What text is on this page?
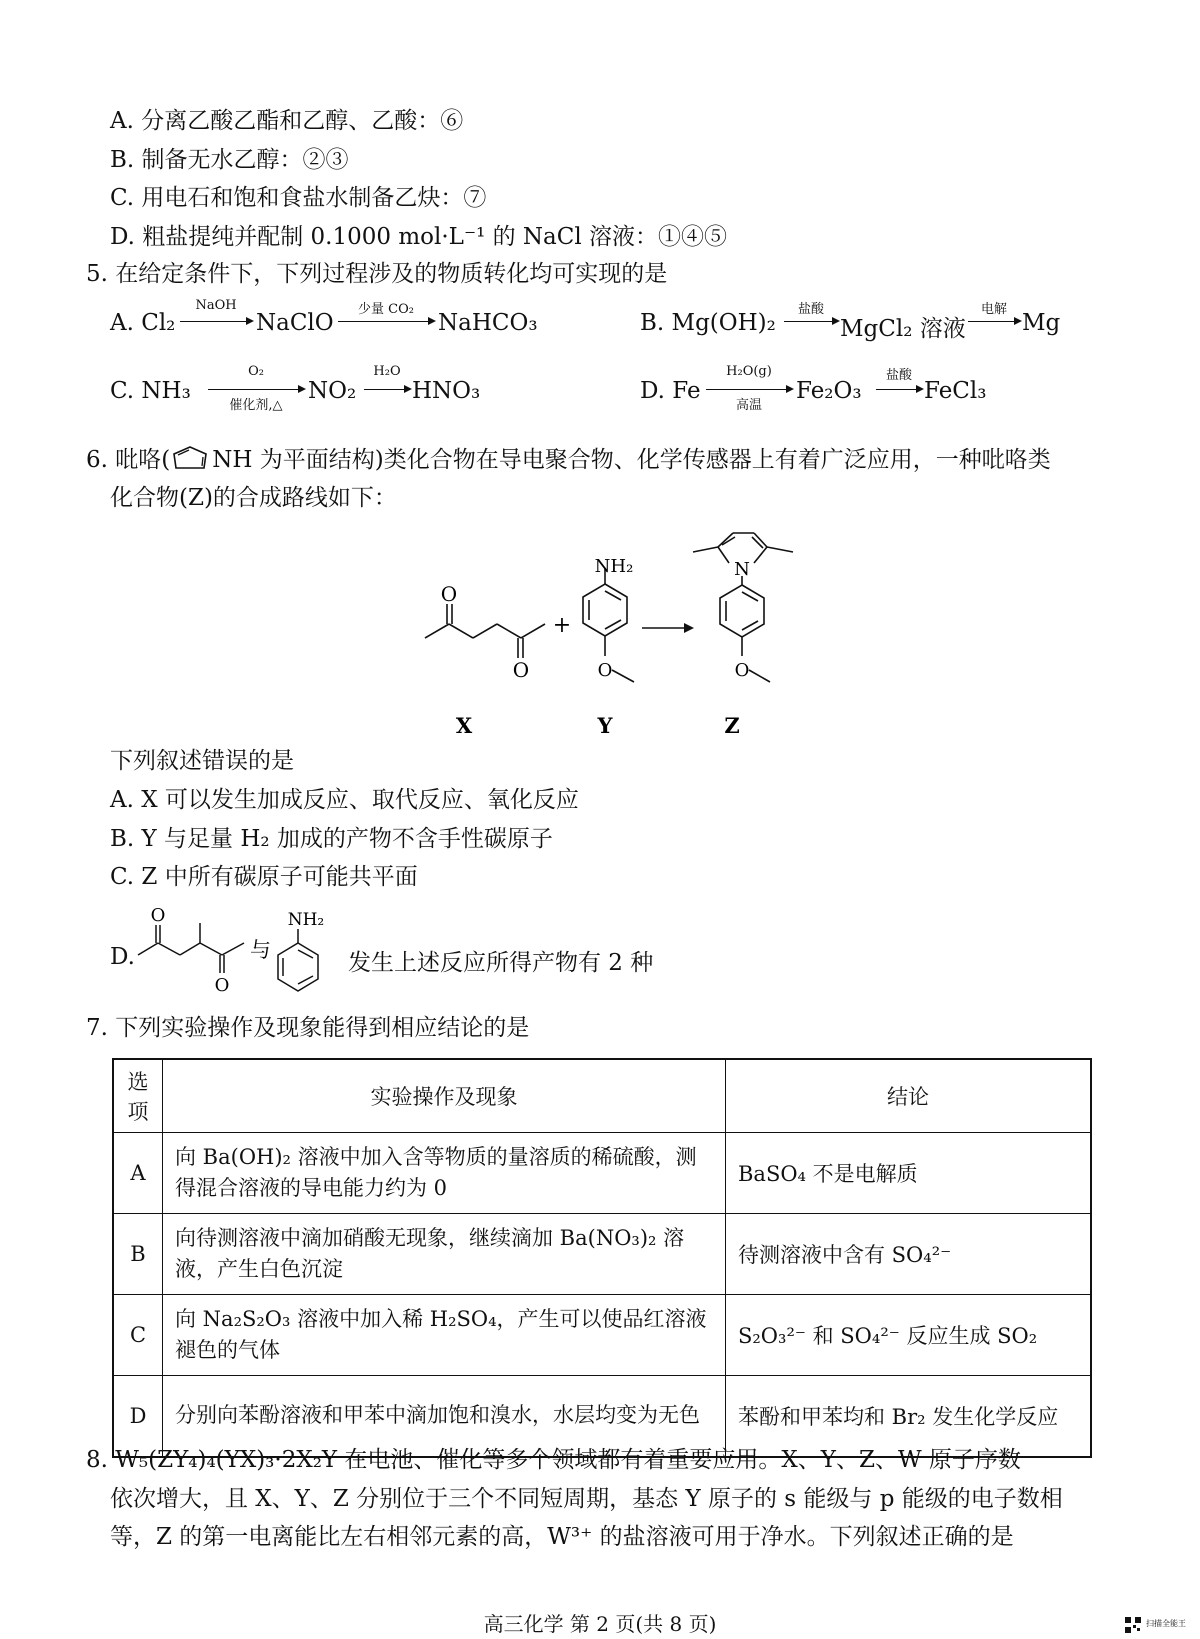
A. 分离乙酸乙酯和乙醇、乙酸：⑥
B. 制备无水乙醇：②③
C. 用电石和饱和食盐水制备乙炔：⑦
D. 粗盐提纯并配制 0.1000 mol·L⁻¹ 的 NaCl 溶液：①④⑤
5. 在给定条件下，下列过程涉及的物质转化均可实现的是
A. Cl₂
NaOH
NaClO
少量 CO₂
NaHCO₃	B. Mg(OH)₂
盐酸
MgCl₂ 溶液
电解
Mg
C. NH₃
O₂
催化剂,△
NO₂
H₂O
HNO₃	D. Fe
H₂O(g)
高温
Fe₂O₃
盐酸
FeCl₃
6. 吡咯( NH 为平面结构)类化合物在导电聚合物、化学传感器上有着广泛应用，一种吡咯类
化合物(Z)的合成路线如下：
O
O
+
NH₂
O
N
O
X	Y	Z
下列叙述错误的是
A. X 可以发生加成反应、取代反应、氧化反应
B. Y 与足量 H₂ 加成的产物不含手性碳原子
C. Z 中所有碳原子可能共平面
D.
O
O
与
NH₂
发生上述反应所得产物有 2 种
7. 下列实验操作及现象能得到相应结论的是
选项	实验操作及现象	结论
A	向 Ba(OH)₂ 溶液中加入含等物质的量溶质的稀硫酸，测得混合溶液的导电能力约为 0	BaSO₄ 不是电解质
B	向待测溶液中滴加硝酸无现象，继续滴加 Ba(NO₃)₂ 溶液，产生白色沉淀	待测溶液中含有 SO₄²⁻
C	向 Na₂S₂O₃ 溶液中加入稀 H₂SO₄，产生可以使品红溶液褪色的气体	S₂O₃²⁻ 和 SO₄²⁻ 反应生成 SO₂
D	分别向苯酚溶液和甲苯中滴加饱和溴水，水层均变为无色	苯酚和甲苯均和 Br₂ 发生化学反应
8. W₅(ZY₄)₄(YX)₃·2X₂Y 在电池、催化等多个领域都有着重要应用。X、Y、Z、W 原子序数
依次增大，且 X、Y、Z 分别位于三个不同短周期，基态 Y 原子的 s 能级与 p 能级的电子数相
等，Z 的第一电离能比左右相邻元素的高，W³⁺ 的盐溶液可用于净水。下列叙述正确的是
高三化学 第 2 页(共 8 页)	扫描全能王
